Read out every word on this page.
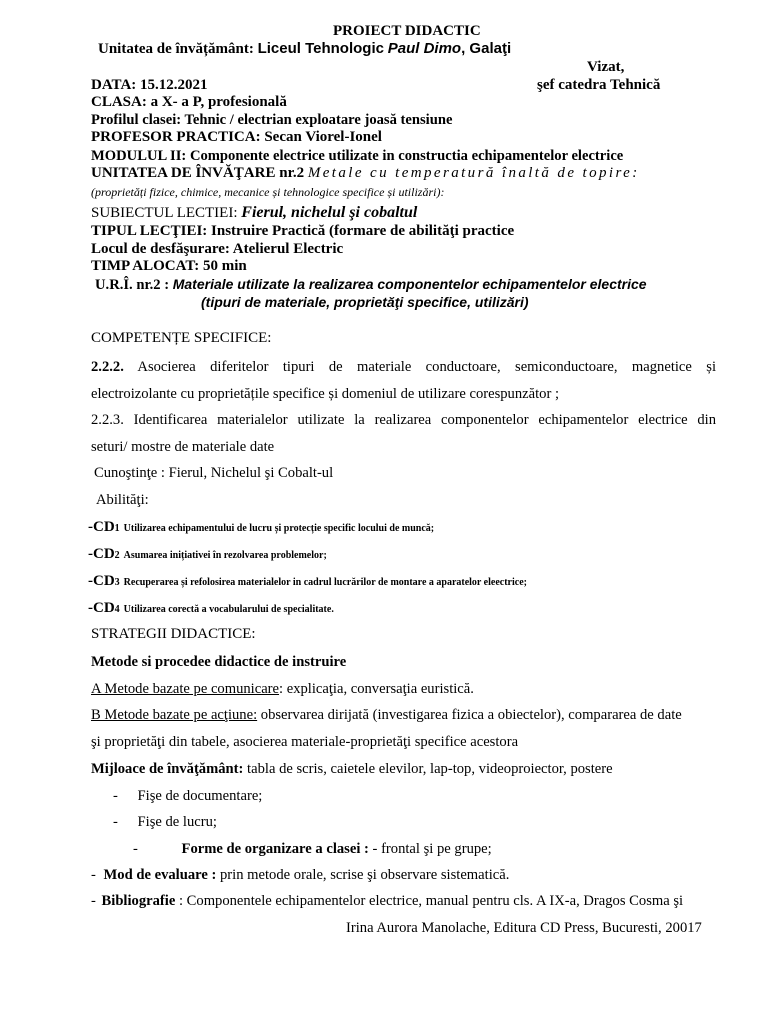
PROIECT DIDACTIC
Unitatea de învățământ: Liceul Tehnologic Paul Dimo, Galaţi
Vizat,
DATA: 15.12.2021	şef catedra Tehnică
CLASA: a X- a P, profesională
Profilul clasei: Tehnic / electrian exploatare joasă tensiune
PROFESOR PRACTICA: Secan Viorel-Ionel
MODULUL II: Componente electrice utilizate in constructia echipamentelor electrice
UNITATEA DE ÎNVĂŢARE nr.2 Metale cu temperatură înaltă de topire:
(proprietăți fizice, chimice, mecanice și tehnologice specifice și utilizări):
SUBIECTUL LECTIEI: Fierul, nichelul şi cobaltul
TIPUL LECŢIEI: Instruire Practică (formare de abilităţi practice
Locul de desfăşurare: Atelierul Electric
TIMP ALOCAT: 50 min
U.R.Î. nr.2 : Materiale utilizate la realizarea componentelor echipamentelor electrice
(tipuri de materiale, proprietăţi specifice, utilizări)
COMPETENȚE SPECIFICE:
2.2.2. Asocierea diferitelor tipuri de materiale conductoare, semiconductoare, magnetice și
electroizolante cu proprietățile specifice și domeniul de utilizare corespunzător ;
2.2.3. Identificarea materialelor utilizate la realizarea componentelor echipamentelor electrice din
seturi/ mostre de materiale date
Cunoştinţe : Fierul, Nichelul şi Cobalt-ul
Abilităţi:
-CD1 Utilizarea echipamentului de lucru și protecție specific locului de muncă;
-CD2 Asumarea inițiativei în rezolvarea problemelor;
-CD3 Recuperarea și refolosirea materialelor in cadrul lucrărilor de montare a aparatelor eleectrice;
-CD4 Utilizarea corectă a vocabularului de specialitate.
STRATEGII DIDACTICE:
Metode si procedee didactice de instruire
A Metode bazate pe comunicare: explicaţia, conversaţia euristică.
B Metode bazate pe acţiune: observarea dirijată (investigarea fizica a obiectelor), compararea de date
şi proprietăţi din tabele, asocierea materiale-proprietăţi specifice acestora
Mijloace de învăţământ: tabla de scris, caietele elevilor, lap-top, videoproiector, postere
- Fişe de documentare;
- Fişe de lucru;
-	Forme de organizare a clasei : - frontal şi pe grupe;
- Mod de evaluare : prin metode orale, scrise şi observare sistematică.
- Bibliografie : Componentele echipamentelor electrice, manual pentru cls. A IX-a, Dragos Cosma şi
Irina Aurora Manolache, Editura CD Press, Bucuresti, 20017
